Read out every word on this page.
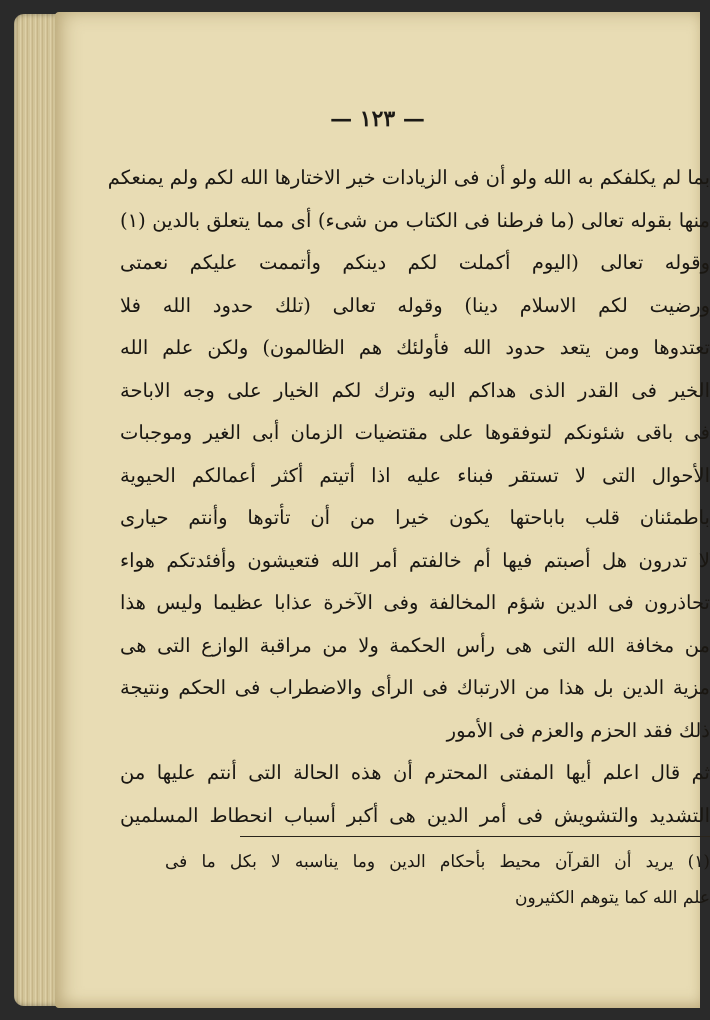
— ١٢٣ —
بما لم يكلفكم به الله ولو أن فى الزيادات خير الاختارها الله لكم ولم يمنعكم
منها بقوله تعالى (ما فرطنا فى الكتاب من شىء) أى مما يتعلق بالدين (١)
وقوله تعالى (اليوم أكملت لكم دينكم وأتممت عليكم نعمتى
ورضيت لكم الاسلام دينا) وقوله تعالى (تلك حدود الله فلا
تعتدوها ومن يتعد حدود الله فأولئك هم الظالمون) ولكن علم الله
الخير فى القدر الذى هداكم اليه وترك لكم الخيار على وجه الاباحة
فى باقى شئونكم لتوفقوها على مقتضيات الزمان أبى الغير وموجبات
الأحوال التى لا تستقر فبناء عليه اذا أتيتم أكثر أعمالكم الحيوية
باطمئنان قلب باباحتها يكون خيرا من أن تأتوها وأنتم حيارى
لا تدرون هل أصبتم فيها أم خالفتم أمر الله فتعيشون وأفئدتكم هواء
تحاذرون فى الدين شؤم المخالفة وفى الآخرة عذابا عظيما وليس هذا
من مخافة الله التى هى رأس الحكمة ولا من مراقبة الوازع التى هى
مزية الدين بل هذا من الارتباك فى الرأى والاضطراب فى الحكم ونتيجة
ذلك فقد الحزم والعزم فى الأمور
ثم قال اعلم أيها المفتى المحترم أن هذه الحالة التى أنتم عليها من
التشديد والتشويش فى أمر الدين هى أكبر أسباب انحطاط المسلمين
(١) يريد أن القرآن محيط بأحكام الدين وما يناسبه لا بكل ما فى
علم الله كما يتوهم الكثيرون
